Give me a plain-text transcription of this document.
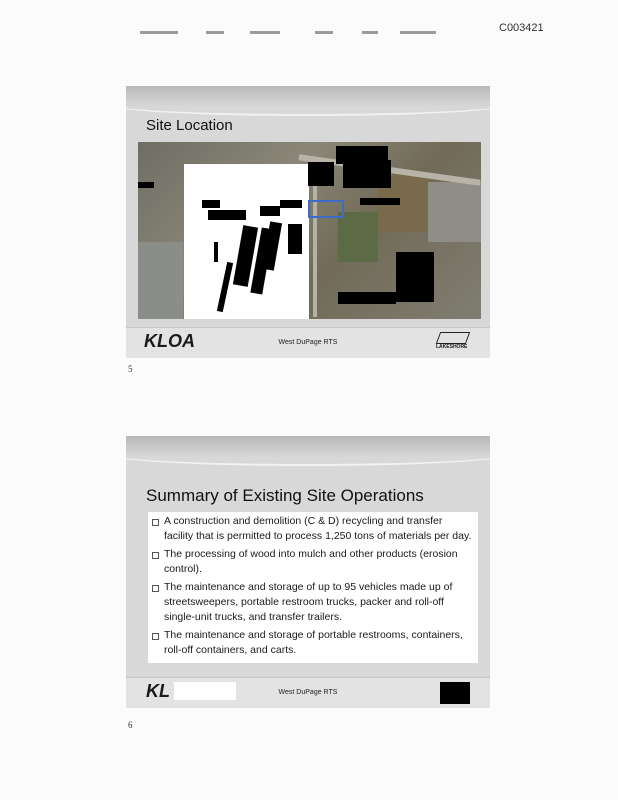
C003421
Site Location
West DuPage RTS
KLOA	LAKESHORE
5
Summary of Existing Site Operations
A construction and demolition (C & D) recycling and transfer facility that is permitted to process 1,250 tons of materials per day.
The processing of wood into mulch and other products (erosion control).
The maintenance and storage of up to 95 vehicles made up of streetsweepers, portable restroom trucks, packer and roll-off single-unit trucks, and transfer trailers.
The maintenance and storage of portable restrooms, containers, roll-off containers, and carts.
West DuPage RTS
KL
6
